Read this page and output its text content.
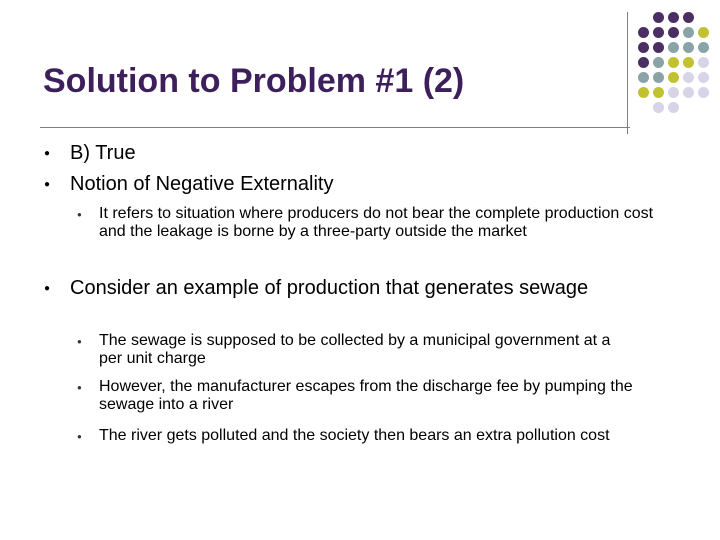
Solution to Problem #1 (2)
● B) True
● Notion of Negative Externality
● It refers to situation where producers do not bear the complete production cost and the leakage is borne by a three-party outside the market
● Consider an example of production that generates sewage
● The sewage is supposed to be collected by a municipal government at a per unit charge
● However, the manufacturer escapes from the discharge fee by pumping the sewage into a river
● The river gets polluted and the society then bears an extra pollution cost
